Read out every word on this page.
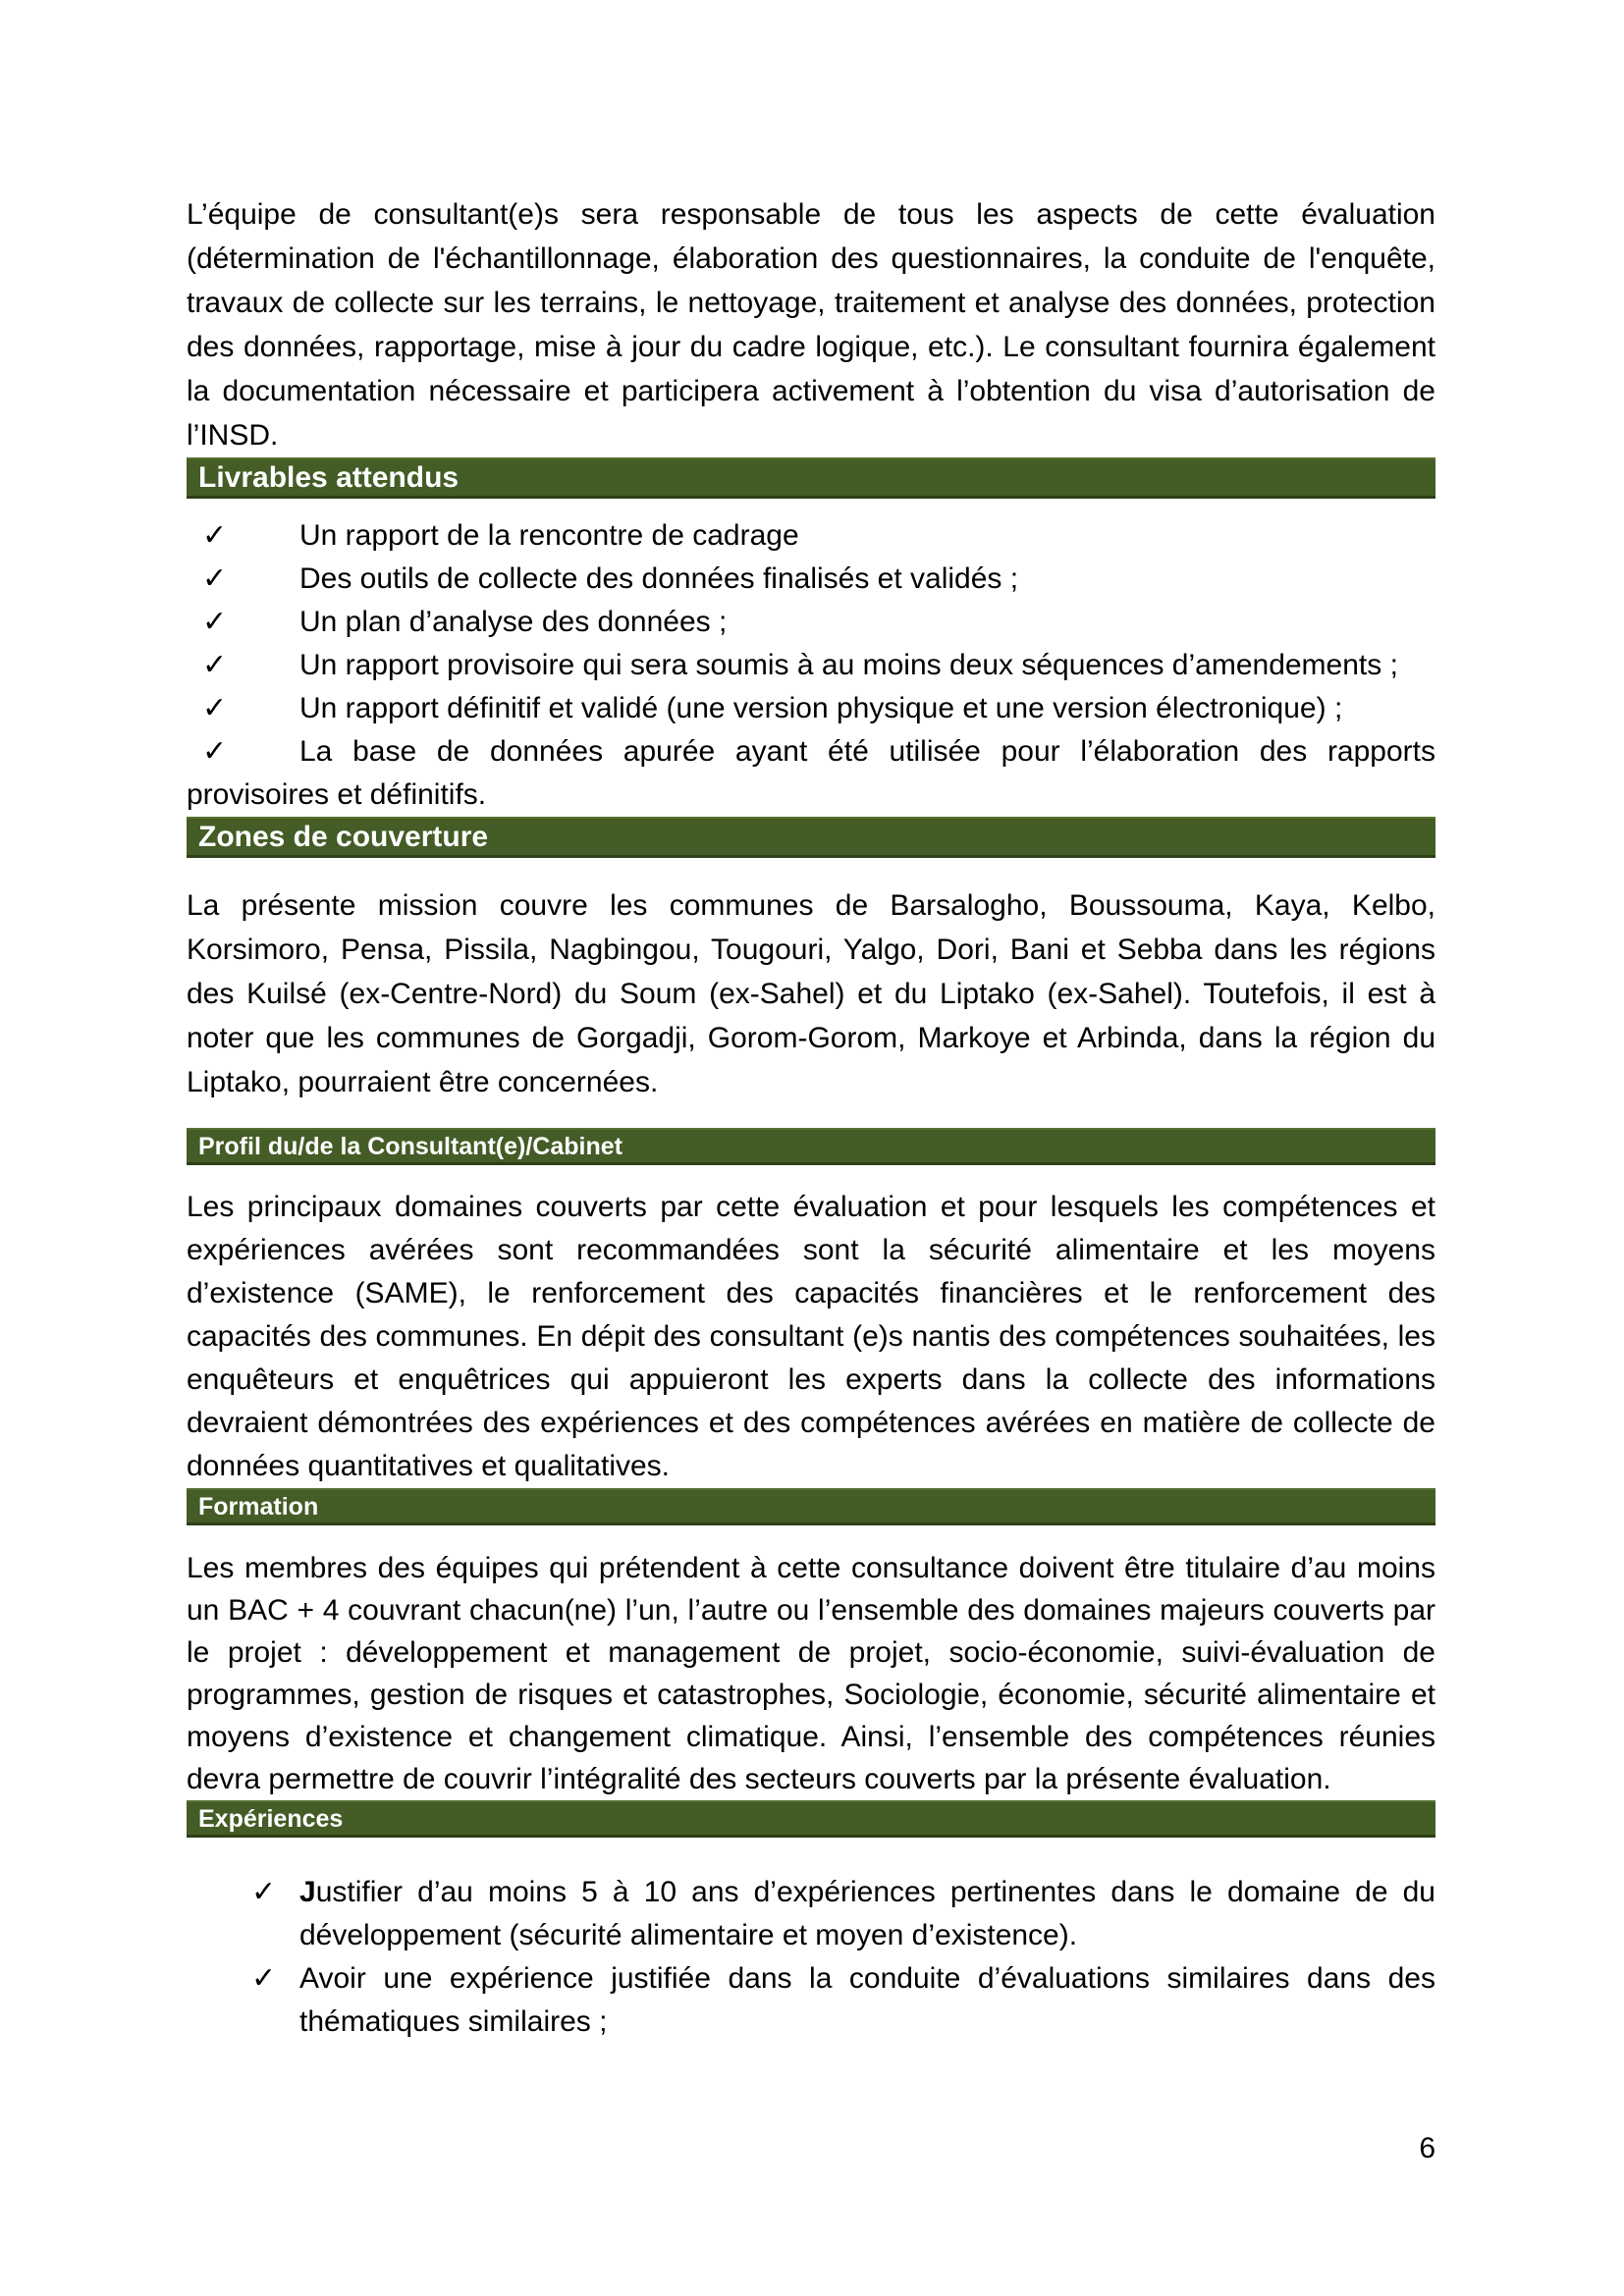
L’équipe de consultant(e)s sera responsable de tous les aspects de cette évaluation (détermination de l'échantillonnage, élaboration des questionnaires, la conduite de l'enquête, travaux de collecte sur les terrains, le nettoyage, traitement et analyse des données, protection des données, rapportage, mise à jour du cadre logique, etc.). Le consultant fournira également la documentation nécessaire et participera activement à l’obtention du visa d’autorisation de l’INSD.

Livrables attendus

✓ Un rapport de la rencontre de cadrage

✓ Des outils de collecte des données finalisés et validés ;

✓ Un plan d’analyse des données ;

✓ Un rapport provisoire qui sera soumis à au moins deux séquences d’amendements ;

✓ Un rapport définitif et validé (une version physique et une version électronique) ;

✓ La base de données apurée ayant été utilisée pour l’élaboration des rapports provisoires et définitifs.

Zones de couverture

La présente mission couvre les communes de Barsalogho, Boussouma, Kaya, Kelbo, Korsimoro, Pensa, Pissila, Nagbingou, Tougouri, Yalgo, Dori, Bani et Sebba dans les régions des Kuilsé (ex-Centre-Nord) du Soum (ex-Sahel) et du Liptako (ex-Sahel). Toutefois, il est à noter que les communes de Gorgadji, Gorom-Gorom, Markoye et Arbinda, dans la région du Liptako, pourraient être concernées.

Profil du/de la Consultant(e)/Cabinet

Les principaux domaines couverts par cette évaluation et pour lesquels les compétences et expériences avérées sont recommandées sont la sécurité alimentaire et les moyens d’existence (SAME), le renforcement des capacités financières et le renforcement des capacités des communes. En dépit des consultant (e)s nantis des compétences souhaitées, les enquêteurs et enquêtrices qui appuieront les experts dans la collecte des informations devraient démontrées des expériences et des compétences avérées en matière de collecte de données quantitatives et qualitatives.

Formation

Les membres des équipes qui prétendent à cette consultance doivent être titulaire d’au moins un BAC + 4 couvrant chacun(ne) l’un, l’autre ou l’ensemble des domaines majeurs couverts par le projet : développement et management de projet, socio-économie, suivi-évaluation de programmes, gestion de risques et catastrophes, Sociologie, économie, sécurité alimentaire et moyens d’existence et changement climatique. Ainsi, l’ensemble des compétences réunies devra permettre de couvrir l’intégralité des secteurs couverts par la présente évaluation.

Expériences

✓ Justifier d’au moins 5 à 10 ans d’expériences pertinentes dans le domaine de du développement (sécurité alimentaire et moyen d’existence).

✓ Avoir une expérience justifiée dans la conduite d’évaluations similaires dans des thématiques similaires ;

6
